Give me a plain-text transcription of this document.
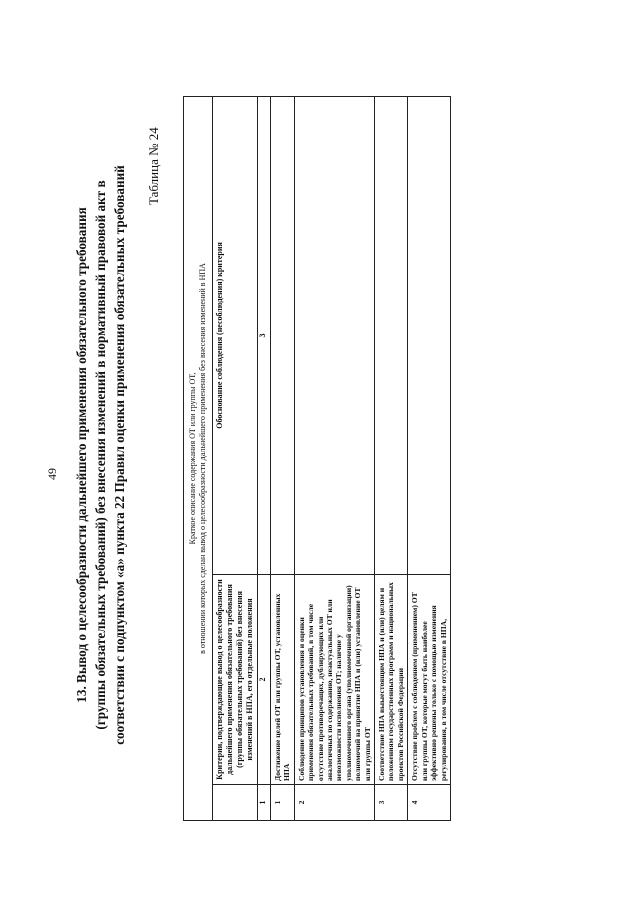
49 13. Вывод о целесообразности дальнейшего применения обязательного требования (группы обязательных требований) без внесения изменений в нормативный правовой акт в соответствии с подпунктом «а» пункта 22 Правил оценки применения обязательных требований Таблица № 24
Краткое описание содержания ОТ или группы ОТ, в отношении которых сделан вывод о целесообразности дальнейшего применения без внесения изменений в НПА		

	Критерии, подтверждающие вывод о целесообразности дальнейшего применения обязательного требования (группы обязательных требований) без внесения изменений в НПА, его отдельные положения	Обоснование соблюдения (несоблюдения) критерия
1	2	3
1	Достижение целей ОТ или группы ОТ, установленных НПА	
2	Соблюдение принципов установления и оценки применения обязательных требований, в том числе отсутствие противоречащих, дублирующих или аналогичных по содержанию, неактуальных ОТ или невозможности исполнения ОТ; наличие у уполномоченного органа (уполномоченной организации) полномочий на принятие НПА и (или) установление ОТ или группы ОТ	
3	Соответствие НПА выыестоящим НПА и (или) целям и положениям государственных программ и национальных проектов Российской Федерации	
4	Отсутствие проблем с соблюдением (применением) ОТ или группы ОТ, которые могут быть наиболее эффективно решены только с помощью изменения регулирования, в том числе отсутствие в НПА,	
